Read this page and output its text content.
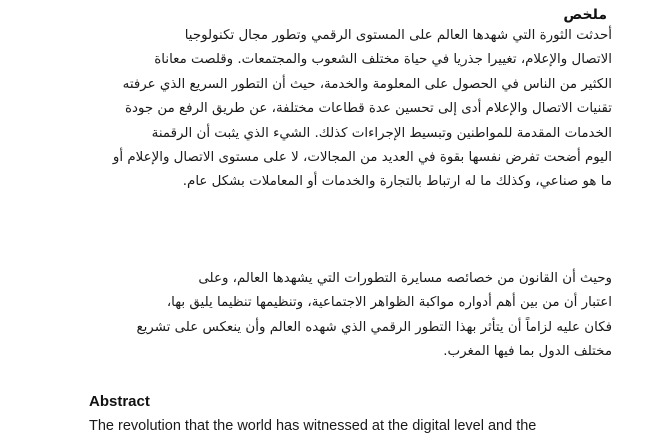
ملخص

أحدثت الثورة التي شهدها العالم على المستوى الرقمي وتطور مجال تكنولوجيا
الاتصال والإعلام، تغييرا جذريا في حياة مختلف الشعوب والمجتمعات. وقلصت معاناة
الكثير من الناس في الحصول على المعلومة والخدمة، حيث أن التطور السريع الذي عرفته
تقنيات الاتصال والإعلام أدى إلى تحسين عدة قطاعات مختلفة، عن طريق الرفع من جودة
الخدمات المقدمة للمواطنين وتبسيط الإجراءات كذلك. الشيء الذي يثبت أن الرقمنة
اليوم أضحت تفرض نفسها بقوة في العديد من المجالات، لا على مستوى الاتصال والإعلام أو
ما هو صناعي، وكذلك ما له ارتباط بالتجارة والخدمات أو المعاملات بشكل عام.

وحيث أن القانون من خصائصه مسايرة التطورات التي يشهدها العالم، وعلى
اعتبار أن من بين أهم أدواره مواكبة الظواهر الاجتماعية، وتنظيمها تنظيما يليق بها،
فكان عليه لزاماً أن يتأثر بهذا التطور الرقمي الذي شهده العالم وأن ينعكس على تشريع
مختلف الدول بما فيها المغرب.

Abstract

The revolution that the world has witnessed at the digital level and the
